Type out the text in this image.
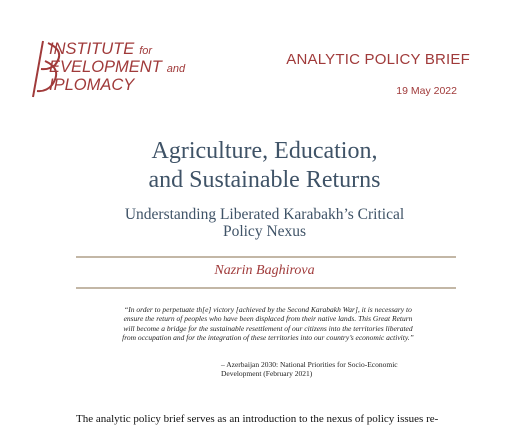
INSTITUTE for
EVELOPMENT and
IPLOMACY
ANALYTIC POLICY BRIEF
19 May 2022
Agriculture, Education,
and Sustainable Returns
Understanding Liberated Karabakh’s Critical
Policy Nexus
Nazrin Baghirova
“In order to perpetuate th[e] victory [achieved by the Second Karabakh War], it is necessary to ensure the return of peoples who have been displaced from their native lands. This Great Return will become a bridge for the sustainable resettlement of our citizens into the territories liberated from occupation and for the integration of these territories into our country’s economic activity.”
– Azerbaijan 2030: National Priorities for Socio-Economic Development (February 2021)
The analytic policy brief serves as an introduction to the nexus of policy issues re-
